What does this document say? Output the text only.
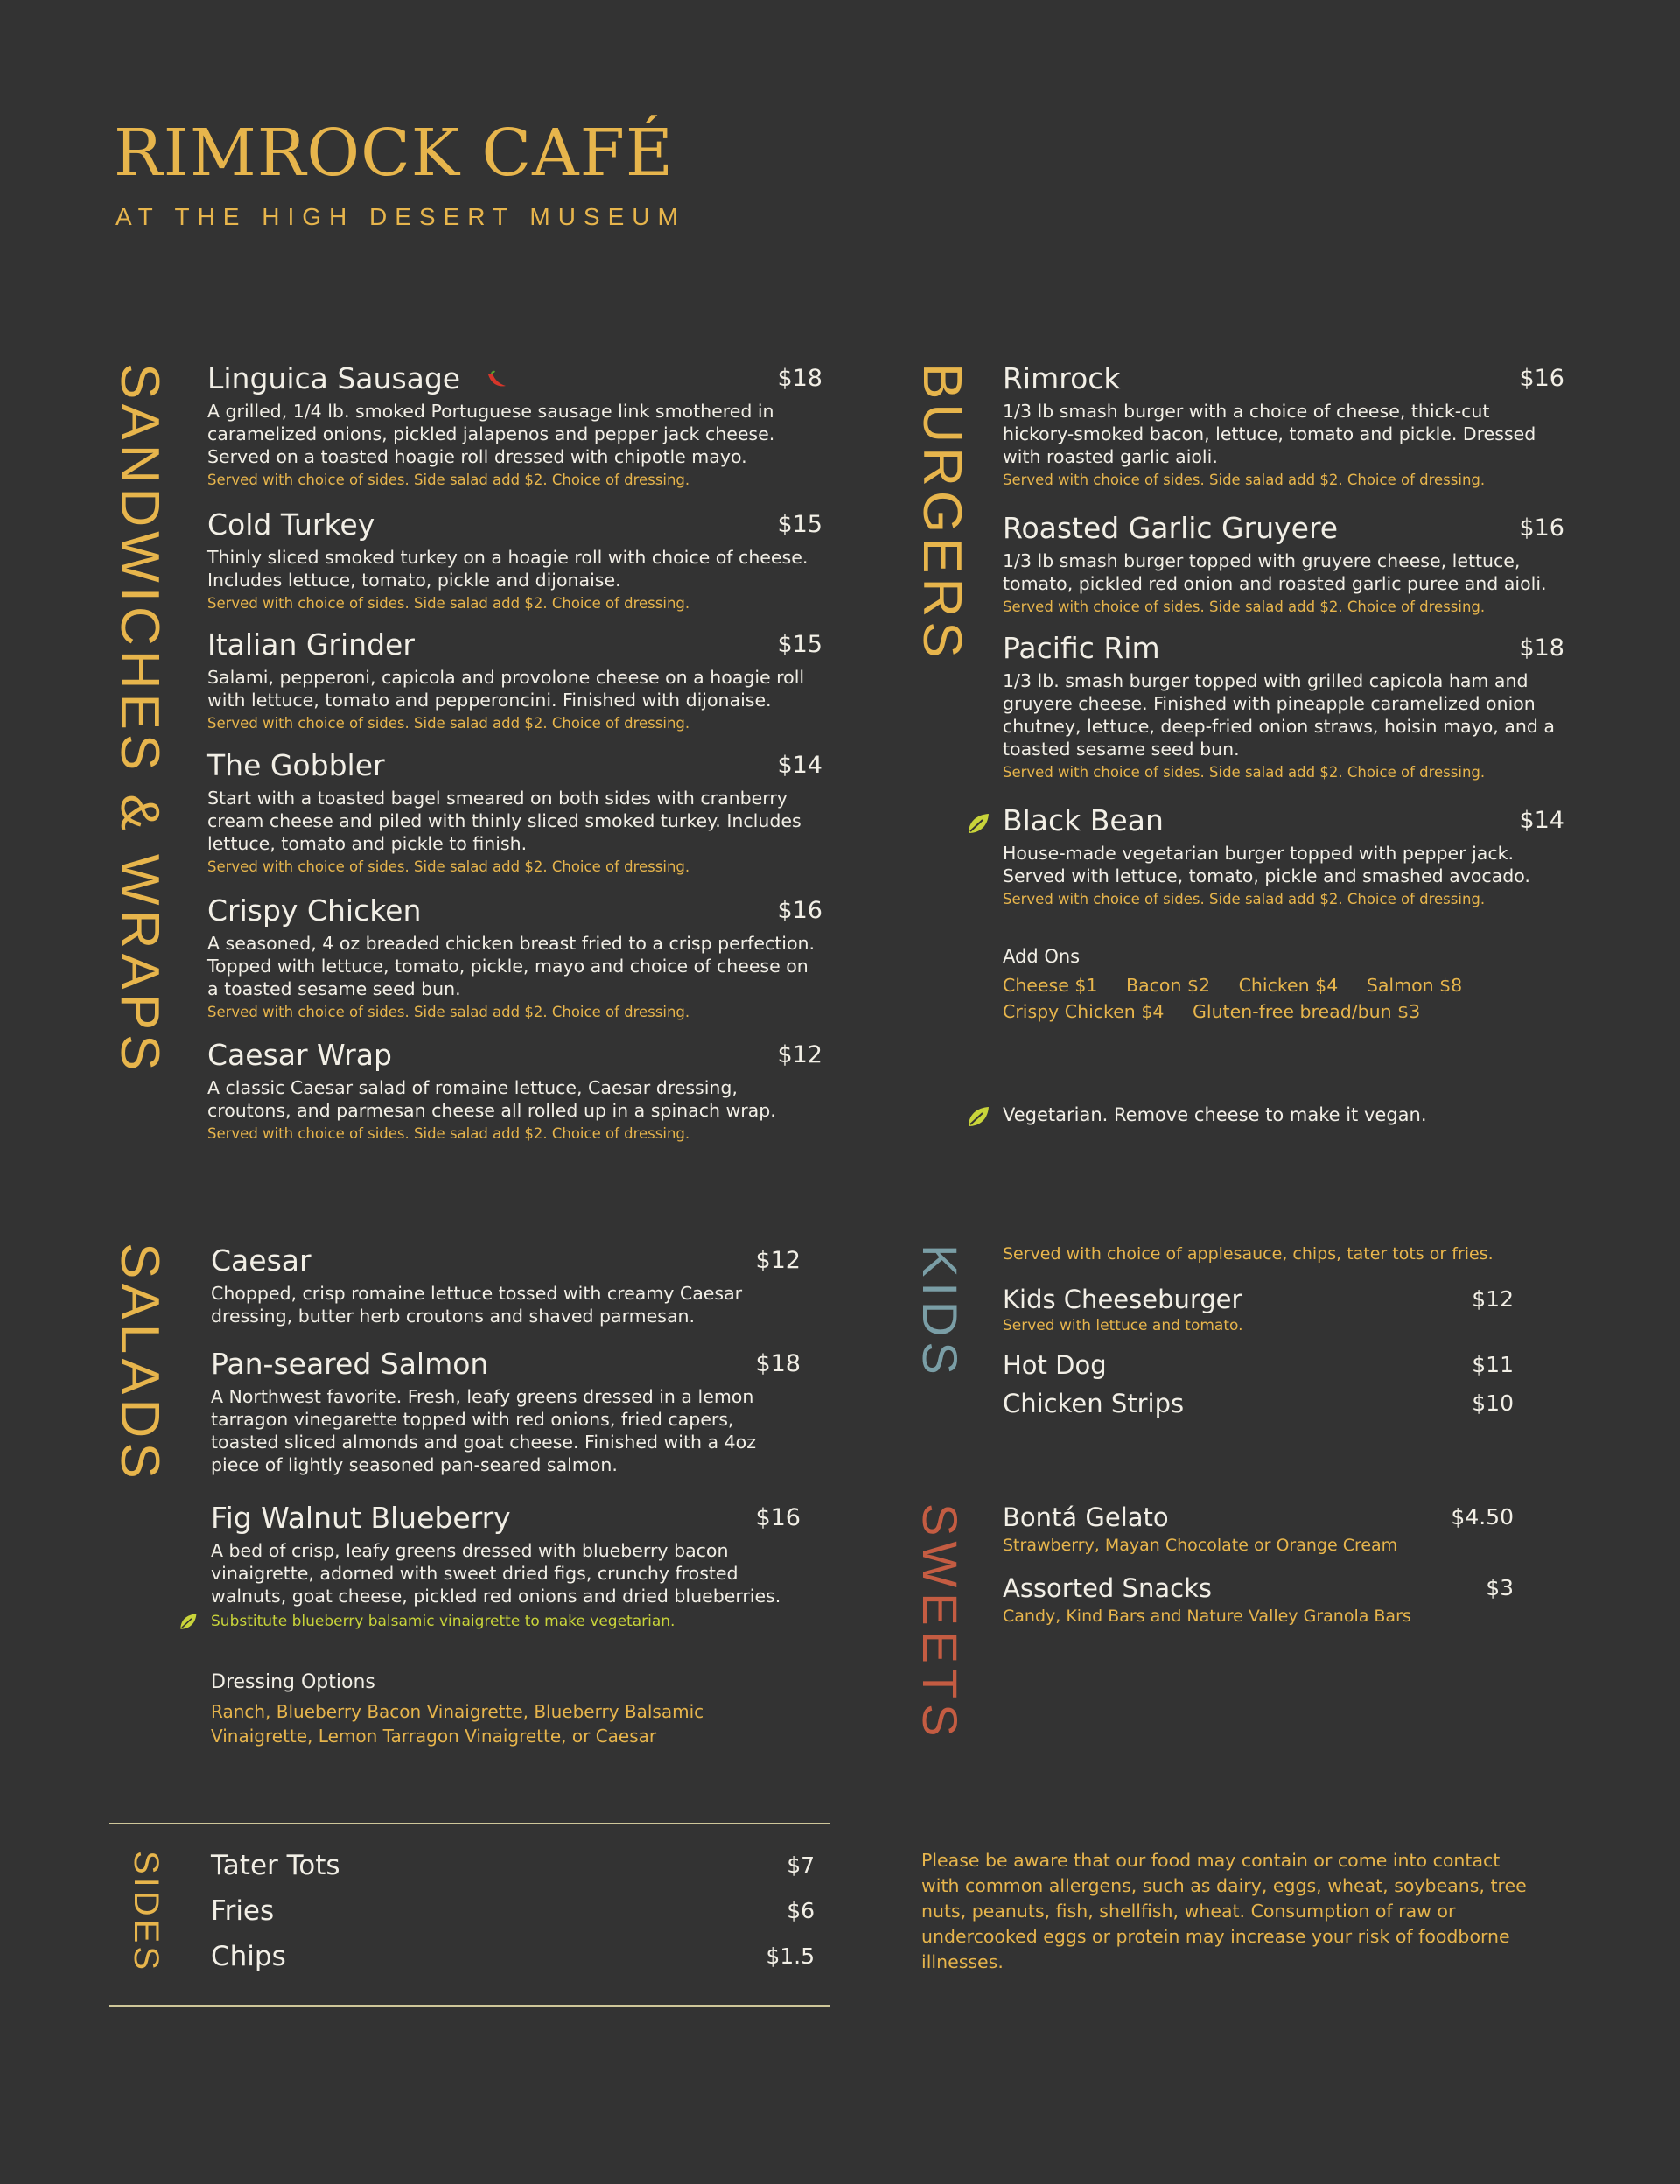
RIMROCK CAFÉ
AT THE HIGH DESERT MUSEUM
SANDWICHES & WRAPS	BURGERS
SALADS	KIDS
SWEETS
SIDES
Linguica Sausage	$18
A grilled, 1/4 lb. smoked Portuguese sausage link smothered in caramelized onions, pickled jalapenos and pepper jack cheese. Served on a toasted hoagie roll dressed with chipotle mayo.
Served with choice of sides. Side salad add $2. Choice of dressing.
Cold Turkey	$15
Thinly sliced smoked turkey on a hoagie roll with choice of cheese. Includes lettuce, tomato, pickle and dijonaise.
Served with choice of sides. Side salad add $2. Choice of dressing.
Italian Grinder	$15
Salami, pepperoni, capicola and provolone cheese on a hoagie roll with lettuce, tomato and pepperoncini. Finished with dijonaise.
Served with choice of sides. Side salad add $2. Choice of dressing.
The Gobbler	$14
Start with a toasted bagel smeared on both sides with cranberry cream cheese and piled with thinly sliced smoked turkey. Includes lettuce, tomato and pickle to finish.
Served with choice of sides. Side salad add $2. Choice of dressing.
Crispy Chicken	$16
A seasoned, 4 oz breaded chicken breast fried to a crisp perfection. Topped with lettuce, tomato, pickle, mayo and choice of cheese on a toasted sesame seed bun.
Served with choice of sides. Side salad add $2. Choice of dressing.
Caesar Wrap	$12
A classic Caesar salad of romaine lettuce, Caesar dressing, croutons, and parmesan cheese all rolled up in a spinach wrap.
Served with choice of sides. Side salad add $2. Choice of dressing.
Rimrock	$16
1/3 lb smash burger with a choice of cheese, thick-cut hickory-smoked bacon, lettuce, tomato and pickle. Dressed with roasted garlic aioli.
Served with choice of sides. Side salad add $2. Choice of dressing.
Roasted Garlic Gruyere	$16
1/3 lb smash burger topped with gruyere cheese, lettuce, tomato, pickled red onion and roasted garlic puree and aioli.
Served with choice of sides. Side salad add $2. Choice of dressing.
Pacific Rim	$18
1/3 lb. smash burger topped with grilled capicola ham and gruyere cheese. Finished with pineapple caramelized onion chutney, lettuce, deep-fried onion straws, hoisin mayo, and a toasted sesame seed bun.
Served with choice of sides. Side salad add $2. Choice of dressing.
Black Bean	$14
House-made vegetarian burger topped with pepper jack. Served with lettuce, tomato, pickle and smashed avocado.
Served with choice of sides. Side salad add $2. Choice of dressing.
Add Ons
Cheese $1     Bacon $2     Chicken $4     Salmon $8
Crispy Chicken $4     Gluten-free bread/bun $3
Vegetarian. Remove cheese to make it vegan.
Caesar	$12
Chopped, crisp romaine lettuce tossed with creamy Caesar dressing, butter herb croutons and shaved parmesan.
Pan-seared Salmon	$18
A Northwest favorite. Fresh, leafy greens dressed in a lemon tarragon vinegarette topped with red onions, fried capers, toasted sliced almonds and goat cheese. Finished with a 4oz piece of lightly seasoned pan-seared salmon.
Fig Walnut Blueberry	$16
A bed of crisp, leafy greens dressed with blueberry bacon vinaigrette, adorned with sweet dried figs, crunchy frosted walnuts, goat cheese, pickled red onions and dried blueberries.
Substitute blueberry balsamic vinaigrette to make vegetarian.
Dressing Options
Ranch, Blueberry Bacon Vinaigrette, Blueberry Balsamic Vinaigrette, Lemon Tarragon Vinaigrette, or Caesar
Served with choice of applesauce, chips, tater tots or fries.
Kids Cheeseburger	$12
Served with lettuce and tomato.
Hot Dog	$11
Chicken Strips	$10
Bontá Gelato	$4.50
Strawberry, Mayan Chocolate or Orange Cream
Assorted Snacks	$3
Candy, Kind Bars and Nature Valley Granola Bars
Tater Tots	$7
Fries	$6
Chips	$1.5
Please be aware that our food may contain or come into contact with common allergens, such as dairy, eggs, wheat, soybeans, tree nuts, peanuts, fish, shellfish, wheat. Consumption of raw or undercooked eggs or protein may increase your risk of foodborne illnesses.
